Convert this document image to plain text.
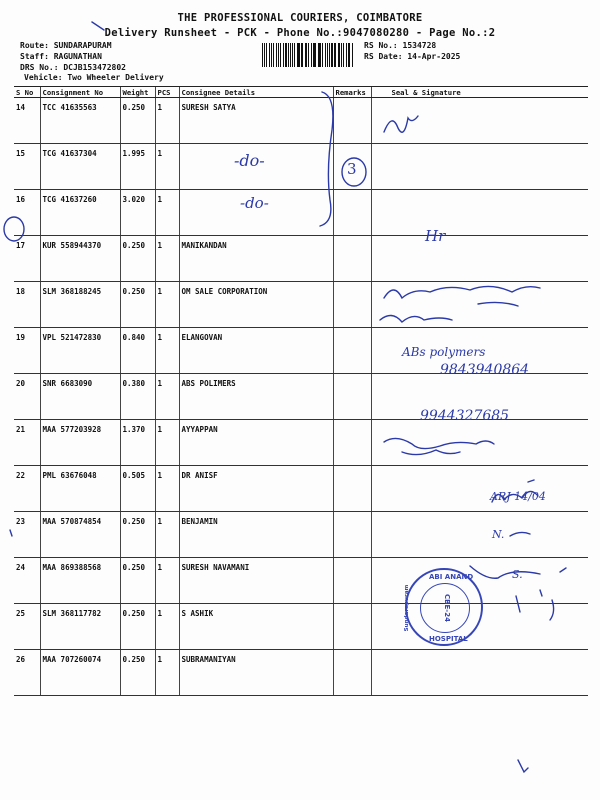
THE PROFESSIONAL COURIERS, COIMBATORE
Delivery Runsheet - PCK - Phone No.:9047080280 - Page No.:2
Route: SUNDARAPURAM
Staff: RAGUNATHAN
DRS No.: DCJB153472802
Vehicle: Two Wheeler Delivery
RS No.: 1534728
RS Date: 14-Apr-2025
S No	Consignment No	Weight	PCS	Consignee Details	Remarks	Seal & Signature
14	TCC 41635563	0.250	1	SURESH SATYA		
15	TCG 41637304	1.995	1			
16	TCG 41637260	3.020	1			
17	KUR 558944370	0.250	1	MANIKANDAN		
18	SLM 368188245	0.250	1	OM SALE CORPORATION		
19	VPL 521472830	0.840	1	ELANGOVAN		
20	SNR 6683090	0.380	1	ABS POLIMERS		
21	MAA 577203928	1.370	1	AYYAPPAN		
22	PML 63676048	0.505	1	DR ANISF		
23	MAA 570874854	0.250	1	BENJAMIN		
24	MAA 869388568	0.250	1	SURESH NAVAMANI		
25	SLM 368117782	0.250	1	S ASHIK		
26	MAA 707260074	0.250	1	SUBRAMANIYAN		
-do-
-do-
3
Hr
ABs polymers
9843940864
9944327685
ARJ 14/04
N.
S.
ABI ANAND
HOSPITAL
Sundarapuram	CBE-24
